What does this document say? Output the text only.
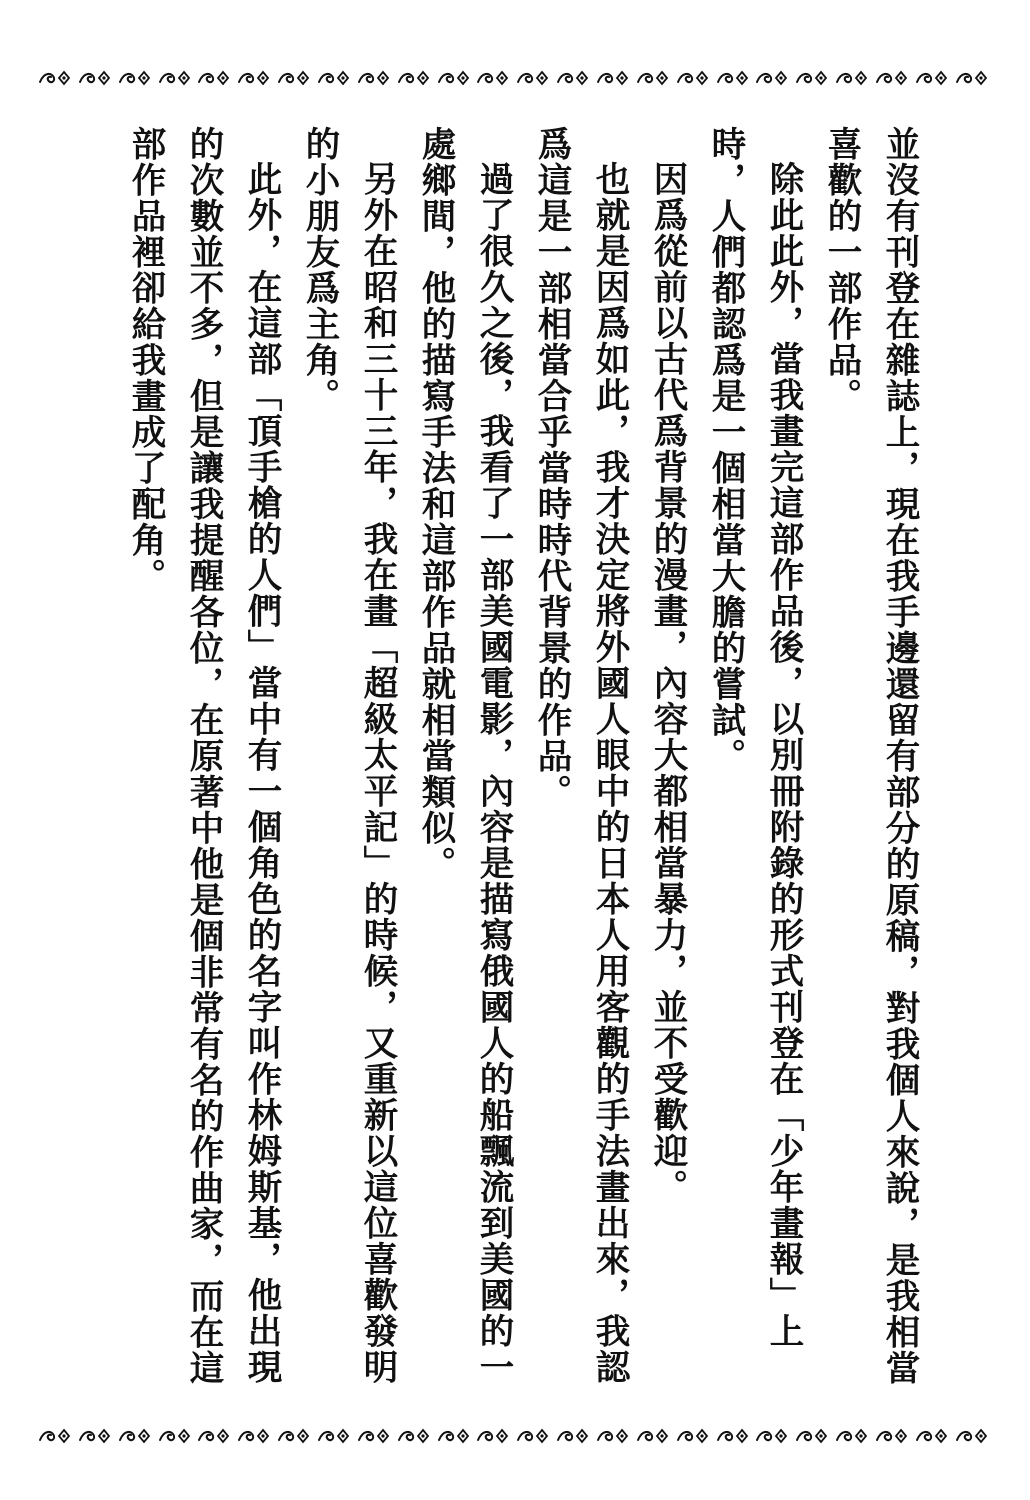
並沒有刊登在雜誌上，現在我手邊還留有部分的原稿，對我個人來說，是我相當喜歡的一部作品。

除此此外，當我畫完這部作品後，以別冊附錄的形式刊登在「少年畫報」上時，人們都認爲是一個相當大膽的嘗試。

因爲從前以古代爲背景的漫畫，內容大都相當暴力，並不受歡迎。

也就是因爲如此，我才決定將外國人眼中的日本人用客觀的手法畫出來，我認爲這是一部相當合乎當時時代背景的作品。

過了很久之後，我看了一部美國電影，內容是描寫俄國人的船飄流到美國的一處鄉間，他的描寫手法和這部作品就相當類似。

另外在昭和三十三年，我在畫「超級太平記」的時候，又重新以這位喜歡發明的小朋友爲主角。

此外，在這部「頂手槍的人們」當中有一個角色的名字叫作林姆斯基，他出現的次數並不多，但是讓我提醒各位，在原著中他是個非常有名的作曲家，而在這部作品裡卻給我畫成了配角。
